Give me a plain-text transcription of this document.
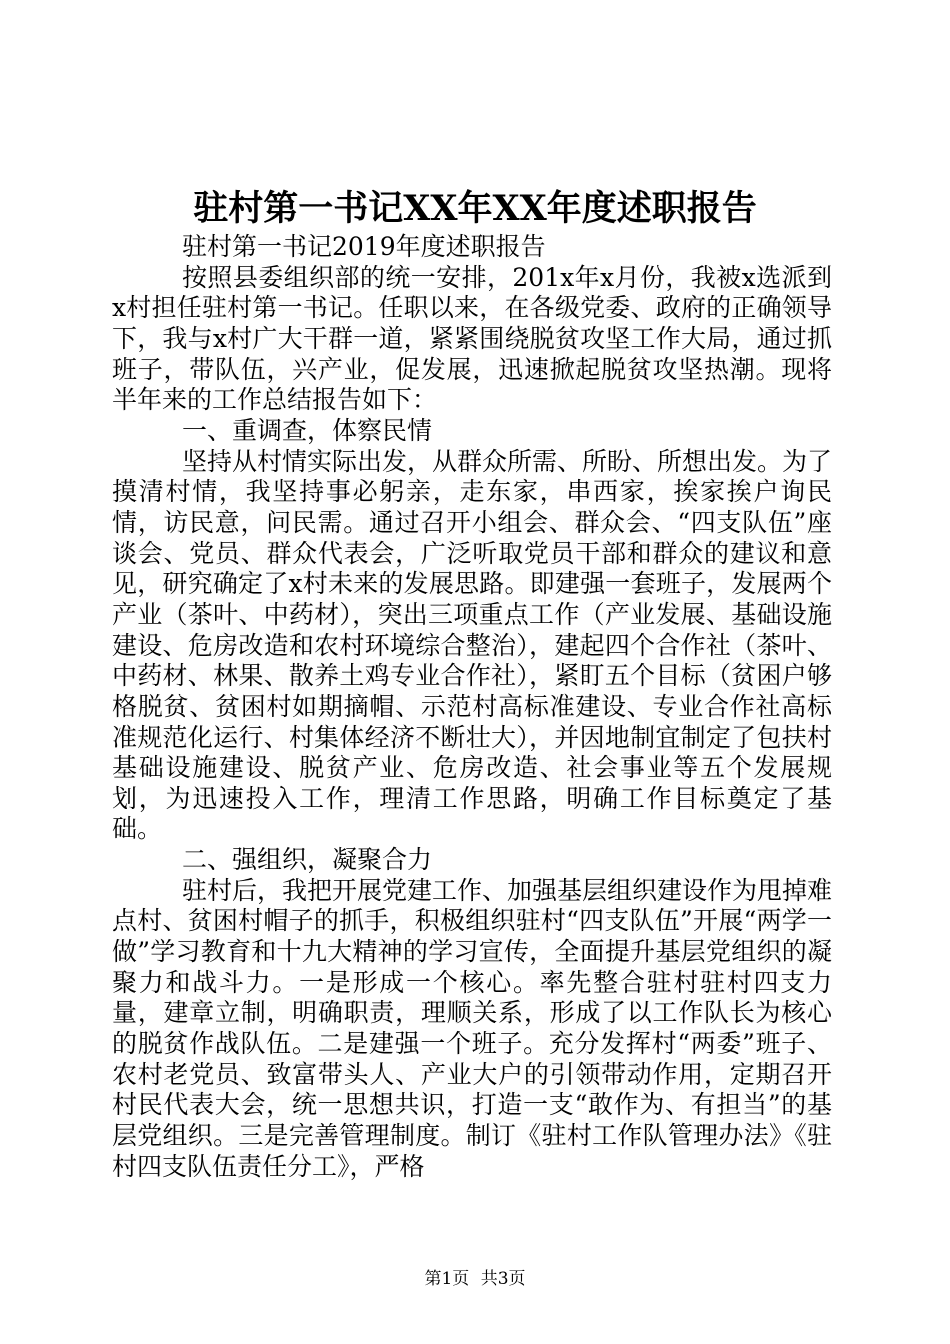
驻村第一书记XX年XX年度述职报告

驻村第一书记2019年度述职报告

按照县委组织部的统一安排，201x年x月份，我被x选派到x村担任驻村第一书记。任职以来，在各级党委、政府的正确领导下，我与x村广大干群一道，紧紧围绕脱贫攻坚工作大局，通过抓班子，带队伍，兴产业，促发展，迅速掀起脱贫攻坚热潮。现将半年来的工作总结报告如下：

一、重调查，体察民情

坚持从村情实际出发，从群众所需、所盼、所想出发。为了摸清村情，我坚持事必躬亲，走东家，串西家，挨家挨户询民情，访民意，问民需。通过召开小组会、群众会、“四支队伍”座谈会、党员、群众代表会，广泛听取党员干部和群众的建议和意见，研究确定了x村未来的发展思路。即建强一套班子，发展两个产业（茶叶、中药材），突出三项重点工作（产业发展、基础设施建设、危房改造和农村环境综合整治），建起四个合作社（茶叶、中药材、林果、散养土鸡专业合作社），紧盯五个目标（贫困户够格脱贫、贫困村如期摘帽、示范村高标准建设、专业合作社高标准规范化运行、村集体经济不断壮大），并因地制宜制定了包扶村基础设施建设、脱贫产业、危房改造、社会事业等五个发展规划，为迅速投入工作，理清工作思路，明确工作目标奠定了基础。

二、强组织，凝聚合力

驻村后，我把开展党建工作、加强基层组织建设作为甩掉难点村、贫困村帽子的抓手，积极组织驻村“四支队伍”开展“两学一做”学习教育和十九大精神的学习宣传，全面提升基层党组织的凝聚力和战斗力。一是形成一个核心。率先整合驻村驻村四支力量，建章立制，明确职责，理顺关系，形成了以工作队长为核心的脱贫作战队伍。二是建强一个班子。充分发挥村“两委”班子、农村老党员、致富带头人、产业大户的引领带动作用，定期召开村民代表大会，统一思想共识，打造一支“敢作为、有担当”的基层党组织。三是完善管理制度。制订《驻村工作队管理办法》《驻村四支队伍责任分工》，严格

第1页 共3页
